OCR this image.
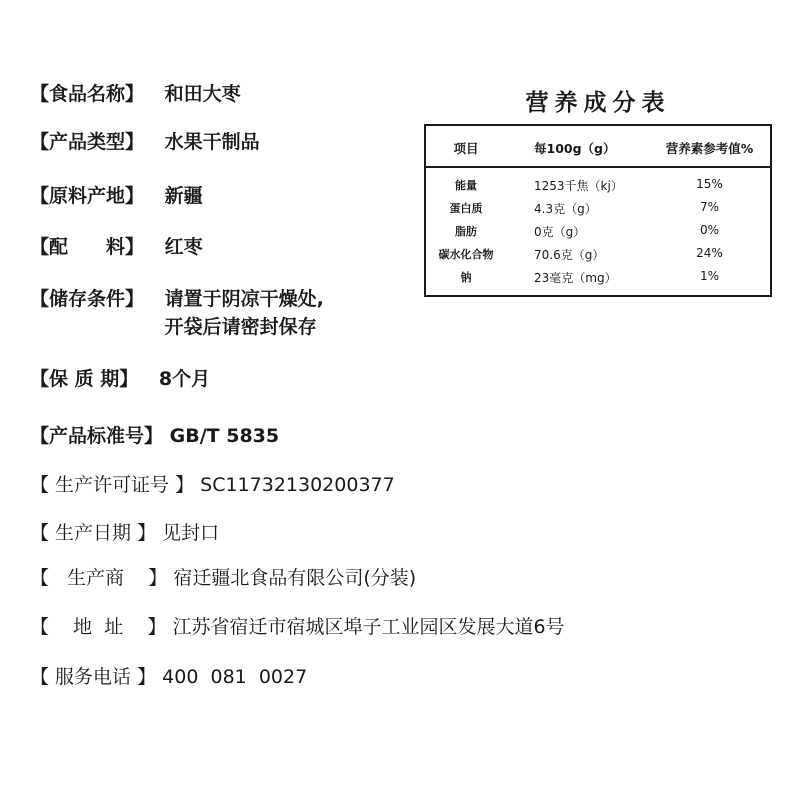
【食品名称】 和田大枣
【产品类型】 水果干制品
【原料产地】 新疆
【配　　料】 红枣
【储存条件】 请置于阴凉干燥处,
开袋后请密封保存
【保 质 期】 8个月
【产品标准号】 GB/T 5835
【 生产许可证号 】 SC11732130200377
【 生产日期 】 见封口
【   生产商    】 宿迁疆北食品有限公司(分装)
【    地  址    】 江苏省宿迁市宿城区埠子工业园区发展大道6号
【 服务电话 】 400  081  0027
营养成分表
项目	每100g（g）	营养素参考值%
能量	1253千焦（kj）	15%
蛋白质	4.3克（g）	7%
脂肪	0克（g）	0%
碳水化合物	70.6克（g）	24%
钠	23毫克（mg）	1%
